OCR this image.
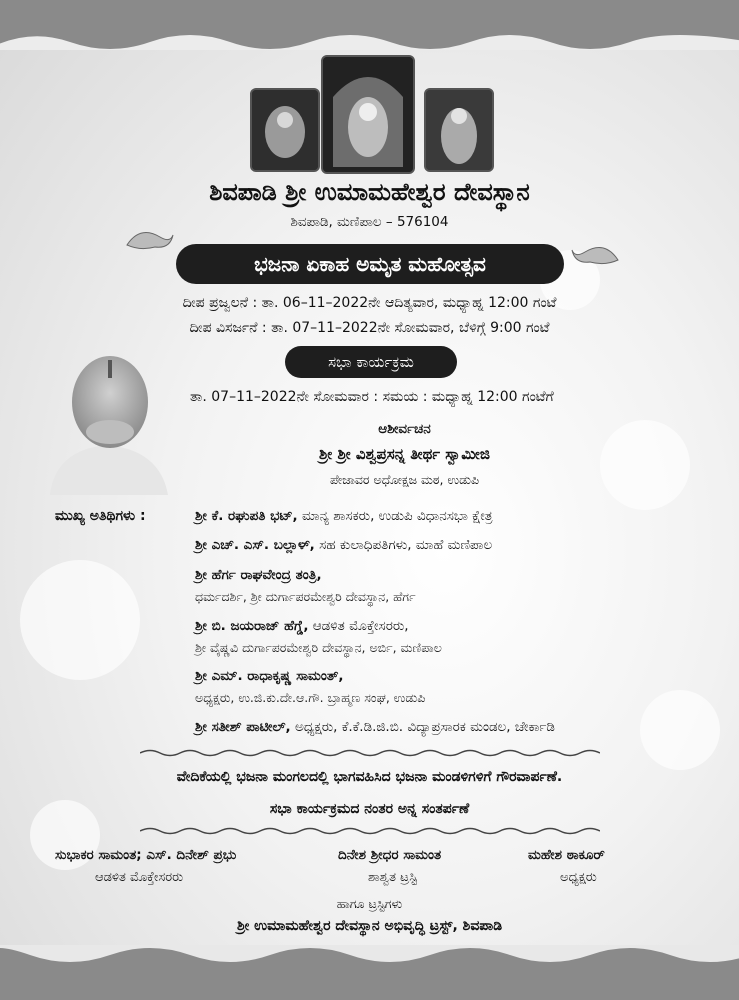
ಶಿವಪಾಡಿ ಶ್ರೀ ಉಮಾಮಹೇಶ್ವರ ದೇವಸ್ಥಾನ
ಶಿವಪಾಡಿ, ಮಣಿಪಾಲ – 576104
ಭಜನಾ ಏಕಾಹ ಅಮೃತ ಮಹೋತ್ಸವ
ದೀಪ ಪ್ರಜ್ವಲನೆ : ತಾ. 06–11–2022ನೇ ಆದಿತ್ಯವಾರ, ಮಧ್ಯಾಹ್ನ 12:00 ಗಂಟೆ
ದೀಪ ವಿಸರ್ಜನೆ : ತಾ. 07–11–2022ನೇ ಸೋಮವಾರ, ಬೆಳಿಗ್ಗೆ 9:00 ಗಂಟೆ
ಸಭಾ ಕಾರ್ಯಕ್ರಮ
ತಾ. 07–11–2022ನೇ ಸೋಮವಾರ : ಸಮಯ : ಮಧ್ಯಾಹ್ನ 12:00 ಗಂಟೆಗೆ
ಆಶೀರ್ವಚನ
ಶ್ರೀ ಶ್ರೀ ವಿಶ್ವಪ್ರಸನ್ನ ತೀರ್ಥ ಸ್ವಾಮೀಜಿ
ಪೇಜಾವರ ಅಧೋಕ್ಷಜ ಮಠ, ಉಡುಪಿ
ಮುಖ್ಯ ಅತಿಥಿಗಳು :	ಶ್ರೀ ಕೆ. ರಘುಪತಿ ಭಟ್, ಮಾನ್ಯ ಶಾಸಕರು, ಉಡುಪಿ ವಿಧಾನಸಭಾ ಕ್ಷೇತ್ರ
ಶ್ರೀ ಎಚ್. ಎಸ್. ಬಲ್ಲಾಳ್, ಸಹ ಕುಲಾಧಿಪತಿಗಳು, ಮಾಹೆ ಮಣಿಪಾಲ
ಶ್ರೀ ಹೆರ್ಗ ರಾಘವೇಂದ್ರ ತಂತ್ರಿ,
ಧರ್ಮದರ್ಶಿ, ಶ್ರೀ ದುರ್ಗಾಪರಮೇಶ್ವರಿ ದೇವಸ್ಥಾನ, ಹೆರ್ಗ
ಶ್ರೀ ಬಿ. ಜಯರಾಜ್ ಹೆಗ್ಡೆ, ಆಡಳಿತ ಮೊಕ್ತೇಸರರು,
ಶ್ರೀ ವೈಷ್ಣವಿ ದುರ್ಗಾಪರಮೇಶ್ವರಿ ದೇವಸ್ಥಾನ, ಅರ್ಬಿ, ಮಣಿಪಾಲ
ಶ್ರೀ ಎಮ್. ರಾಧಾಕೃಷ್ಣ ಸಾಮಂತ್,
ಅಧ್ಯಕ್ಷರು, ಉ.ಜಿ.ಕು.ದೇ.ಆ.ಗೌ. ಬ್ರಾಹ್ಮಣ ಸಂಘ, ಉಡುಪಿ
ಶ್ರೀ ಸತೀಶ್ ಪಾಟೀಲ್, ಅಧ್ಯಕ್ಷರು, ಕೆ.ಕೆ.ಡಿ.ಜಿ.ಬಿ. ವಿದ್ಯಾಪ್ರಸಾರಕ ಮಂಡಲ, ಚೇರ್ಕಾಡಿ
ವೇದಿಕೆಯಲ್ಲಿ ಭಜನಾ ಮಂಗಲದಲ್ಲಿ ಭಾಗವಹಿಸಿದ ಭಜನಾ ಮಂಡಳಿಗಳಿಗೆ ಗೌರವಾರ್ಪಣೆ.
ಸಭಾ ಕಾರ್ಯಕ್ರಮದ ನಂತರ ಅನ್ನ ಸಂತರ್ಪಣೆ
ಸುಭಾಕರ ಸಾಮಂತ; ಎಸ್. ದಿನೇಶ್ ಪ್ರಭು
ಆಡಳಿತ ಮೊಕ್ತೇಸರರು
ದಿನೇಶ ಶ್ರೀಧರ ಸಾಮಂತ
ಶಾಶ್ವತ ಟ್ರಸ್ಟಿ
ಮಹೇಶ ಠಾಕೂರ್
ಅಧ್ಯಕ್ಷರು
ಹಾಗೂ ಟ್ರಸ್ಟಿಗಳು
ಶ್ರೀ ಉಮಾಮಹೇಶ್ವರ ದೇವಸ್ಥಾನ ಅಭಿವೃದ್ಧಿ ಟ್ರಸ್ಟ್, ಶಿವಪಾಡಿ
